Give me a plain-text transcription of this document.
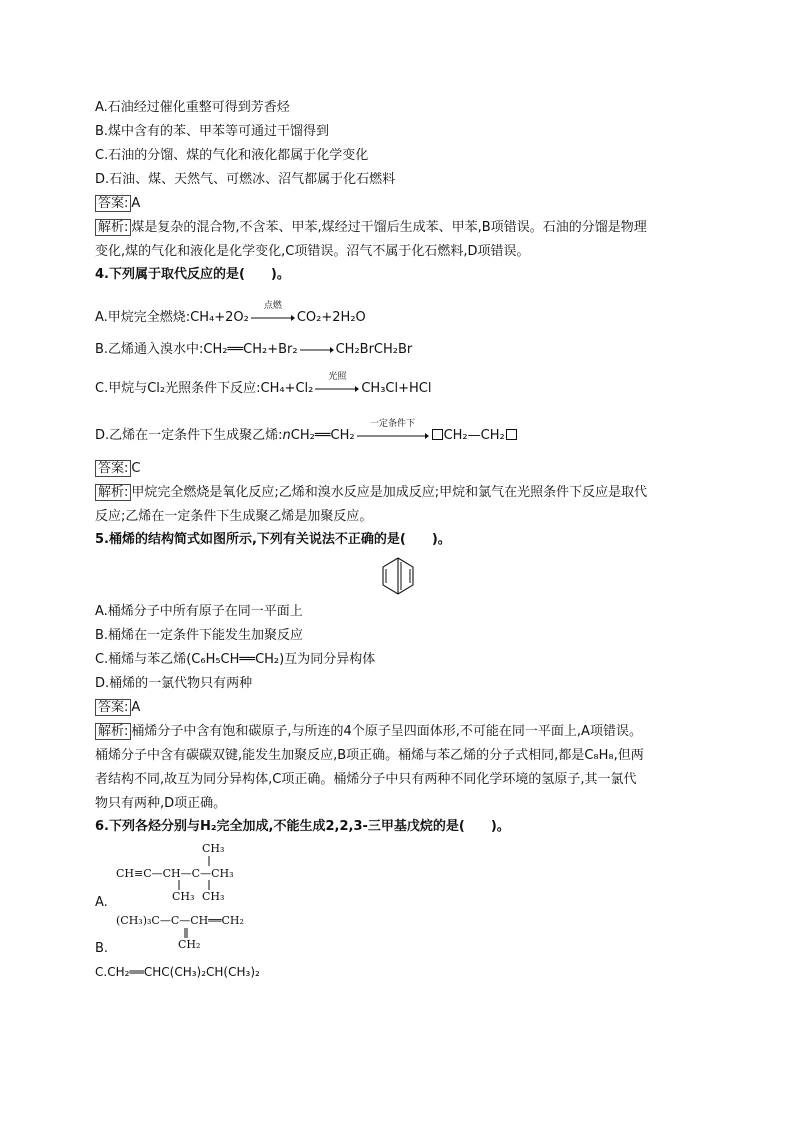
A.石油经过催化重整可得到芳香烃
B.煤中含有的苯、甲苯等可通过干馏得到
C.石油的分馏、煤的气化和液化都属于化学变化
D.石油、煤、天然气、可燃冰、沼气都属于化石燃料
答案: A
解析: 煤是复杂的混合物,不含苯、甲苯,煤经过干馏后生成苯、甲苯,B项错误。石油的分馏是物理
变化,煤的气化和液化是化学变化,C项错误。沼气不属于化石燃料,D项错误。
4.下列属于取代反应的是(　　)。
A.甲烷完全燃烧:CH₄+2O₂
点燃
CO₂+2H₂O
B.乙烯通入溴水中:CH₂══CH₂+Br₂ → CH₂BrCH₂Br
C.甲烷与Cl₂光照条件下反应:CH₄+Cl₂
光照
CH₃Cl+HCl
D.乙烯在一定条件下生成聚乙烯:nCH₂══CH₂
一定条件下
CH₂—CH₂
答案: C
解析: 甲烷完全燃烧是氧化反应;乙烯和溴水反应是加成反应;甲烷和氯气在光照条件下反应是取代
反应;乙烯在一定条件下生成聚乙烯是加聚反应。
5.桶烯的结构简式如图所示,下列有关说法不正确的是(　　)。
A.桶烯分子中所有原子在同一平面上
B.桶烯在一定条件下能发生加聚反应
C.桶烯与苯乙烯(C₆H₅CH══CH₂)互为同分异构体
D.桶烯的一氯代物只有两种
答案: A
解析: 桶烯分子中含有饱和碳原子,与所连的4个原子呈四面体形,不可能在同一平面上,A项错误。
桶烯分子中含有碳碳双键,能发生加聚反应,B项正确。桶烯与苯乙烯的分子式相同,都是C₈H₈,但两
者结构不同,故互为同分异构体,C项正确。桶烯分子中只有两种不同化学环境的氢原子,其一氯代
物只有两种,D项正确。
6.下列各烃分别与H₂完全加成,不能生成2,2,3-三甲基戊烷的是(　　)。
CH₃
CH≡C—CH—C—CH₃
CH₃ CH₃
A.
(CH₃)₃C—C—CH══CH₂
CH₂
B.
C.CH₂══CHC(CH₃)₂CH(CH₃)₂
